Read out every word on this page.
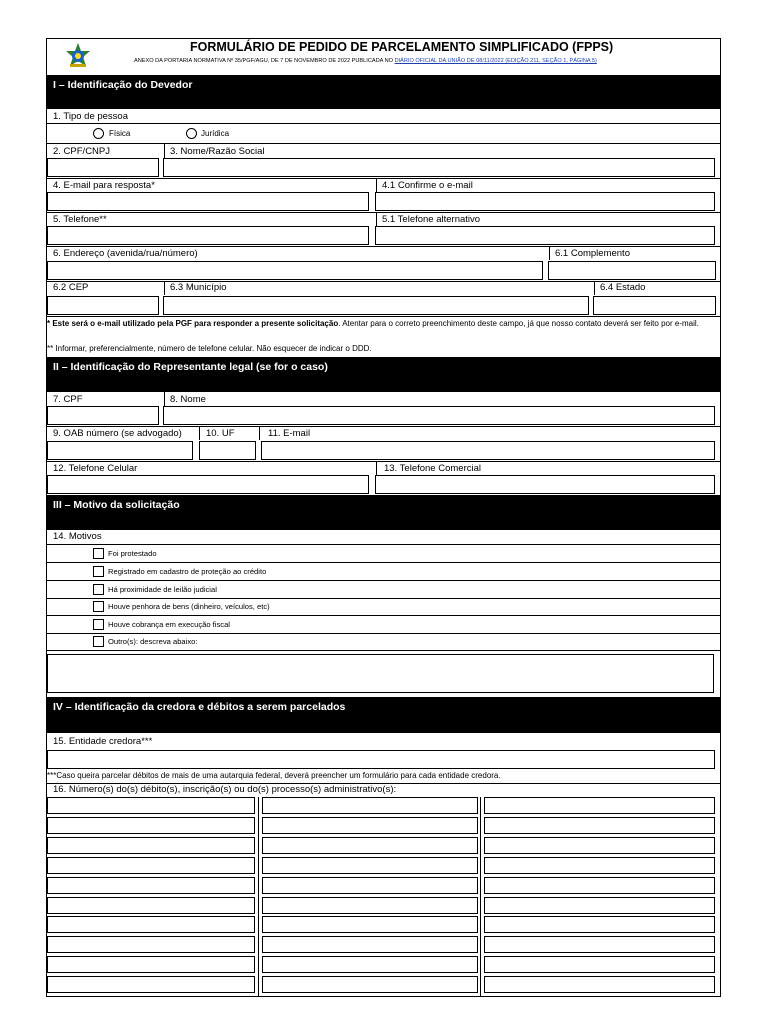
FORMULÁRIO DE PEDIDO DE PARCELAMENTO SIMPLIFICADO (FPPS)
ANEXO DA PORTARIA NORMATIVA Nº 35/PGF/AGU, DE 7 DE NOVEMBRO DE 2022 PUBLICADA NO DIÁRIO OFICIAL DA UNIÃO DE 08/11/2022 (EDIÇÃO 211, SEÇÃO 1, PÁGINA 5)
I – Identificação do Devedor
1. Tipo de pessoa
Física	Jurídica
2. CPF/CNPJ	3. Nome/Razão Social
4. E-mail para resposta*	4.1 Confirme o e-mail
5. Telefone**	5.1 Telefone alternativo
6. Endereço (avenida/rua/número)	6.1 Complemento
6.2 CEP	6.3 Município	6.4 Estado
* Este será o e-mail utilizado pela PGF para responder a presente solicitação. Atentar para o correto preenchimento deste campo, já que nosso contato deverá ser feito por e-mail.
** Informar, preferencialmente, número de telefone celular. Não esquecer de indicar o DDD.
II – Identificação do Representante legal (se for o caso)
7. CPF	8. Nome
9. OAB número (se advogado)	10. UF	11. E-mail
12. Telefone Celular	13. Telefone Comercial
III – Motivo da solicitação
14. Motivos
Foi protestado
Registrado em cadastro de proteção ao crédito
Há proximidade de leilão judicial
Houve penhora de bens (dinheiro, veículos, etc)
Houve cobrança em execução fiscal
Outro(s): descreva abaixo:
IV – Identificação da credora e débitos a serem parcelados
15. Entidade credora***
***Caso queira parcelar débitos de mais de uma autarquia federal, deverá preencher um formulário para cada entidade credora.
16. Número(s) do(s) débito(s), inscrição(s) ou do(s) processo(s) administrativo(s):
